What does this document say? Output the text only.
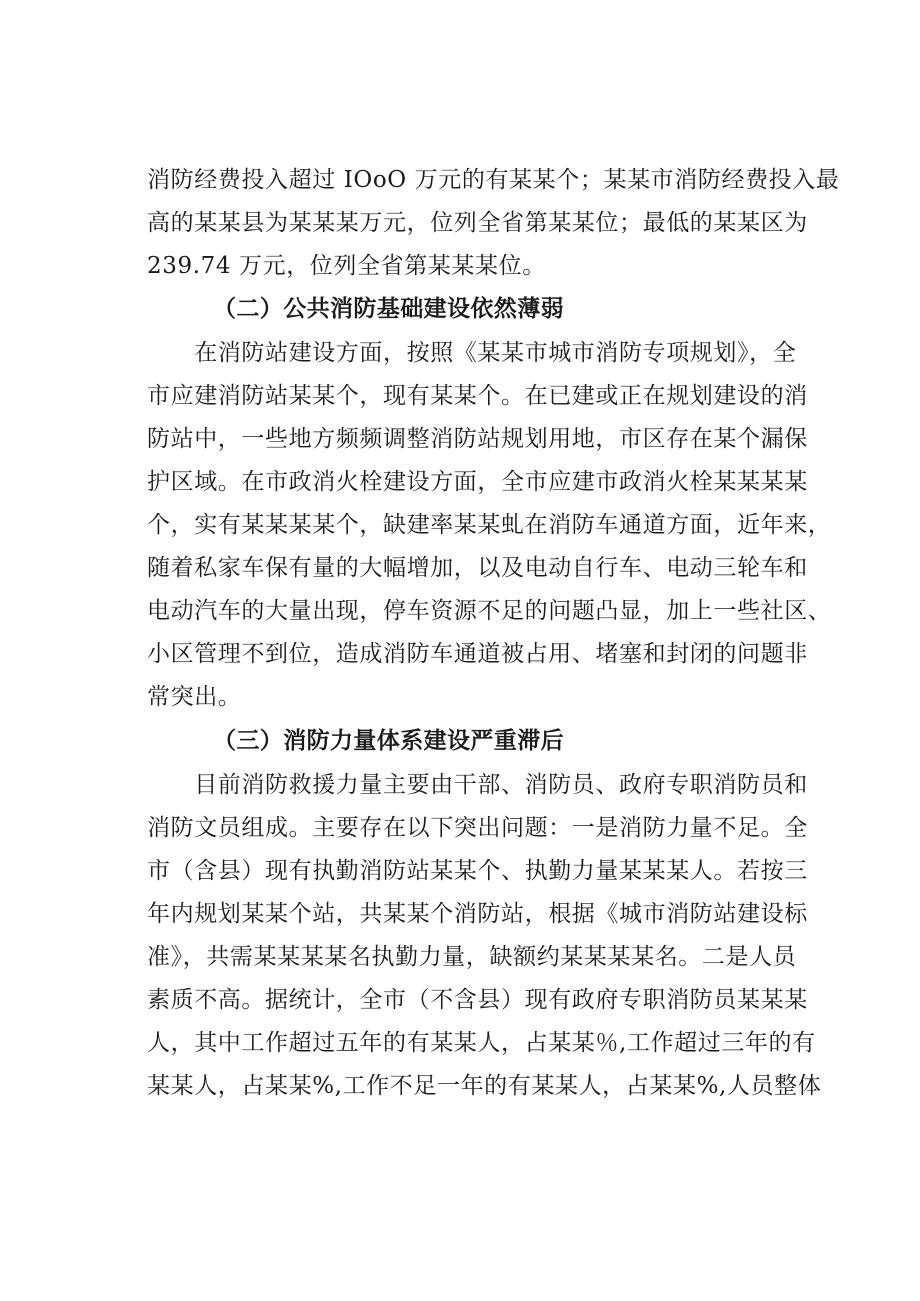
消防经费投入超过 IOoO 万元的有某某个；某某市消防经费投入最
高的某某县为某某某万元，位列全省第某某位；最低的某某区为
239.74 万元，位列全省第某某某位。
（二）公共消防基础建设依然薄弱
　　在消防站建设方面，按照《某某市城市消防专项规划》，全
市应建消防站某某个，现有某某个。在已建或正在规划建设的消
防站中，一些地方频频调整消防站规划用地，市区存在某个漏保
护区域。在市政消火栓建设方面，全市应建市政消火栓某某某某
个，实有某某某某个，缺建率某某虬在消防车通道方面，近年来，
随着私家车保有量的大幅增加，以及电动自行车、电动三轮车和
电动汽车的大量出现，停车资源不足的问题凸显，加上一些社区、
小区管理不到位，造成消防车通道被占用、堵塞和封闭的问题非
常突出。
（三）消防力量体系建设严重滞后
　　目前消防救援力量主要由干部、消防员、政府专职消防员和
消防文员组成。主要存在以下突出问题：一是消防力量不足。全
市（含县）现有执勤消防站某某个、执勤力量某某某人。若按三
年内规划某某个站，共某某个消防站，根据《城市消防站建设标
准》，共需某某某某名执勤力量，缺额约某某某某名。二是人员
素质不高。据统计，全市（不含县）现有政府专职消防员某某某
人，其中工作超过五年的有某某人，占某某％,工作超过三年的有
某某人，占某某%,工作不足一年的有某某人，占某某%,人员整体
